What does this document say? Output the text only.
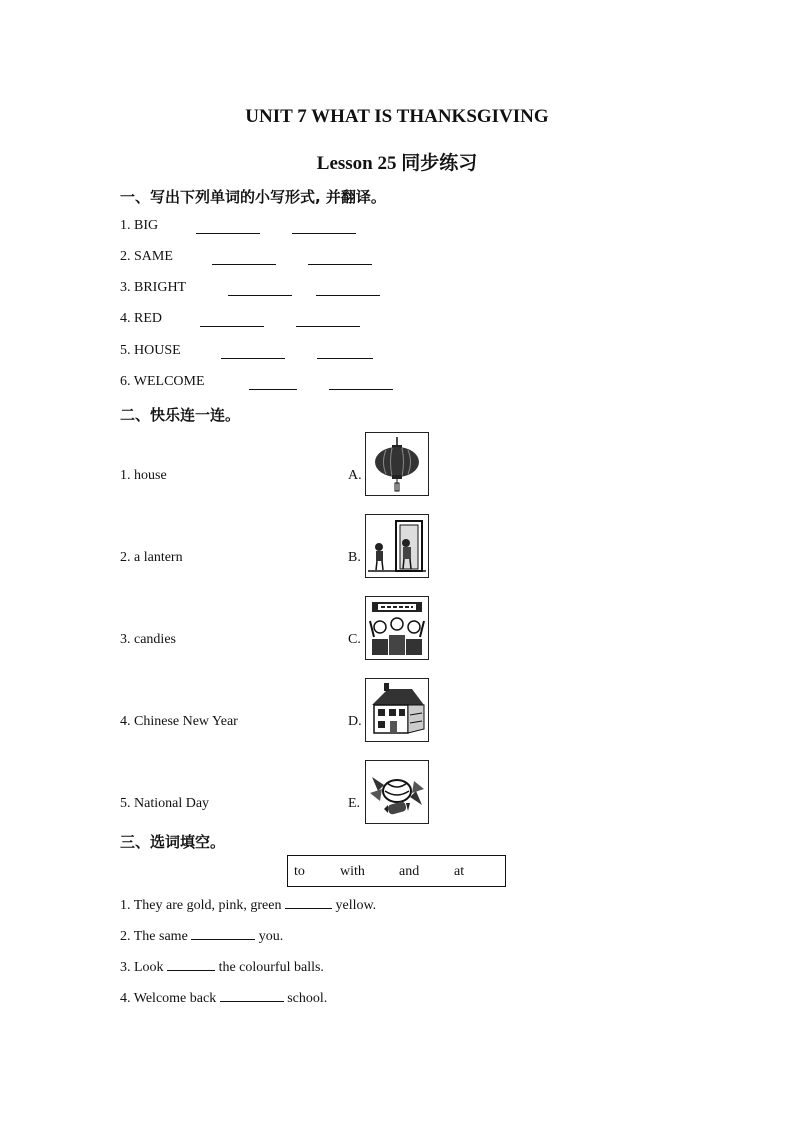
UNIT 7 WHAT IS THANKSGIVING
Lesson 25 同步练习
一、写出下列单词的小写形式, 并翻译。
1. BIG
2. SAME
3. BRIGHT
4. RED
5. HOUSE
6. WELCOME
二、快乐连一连。
1. house	A.
2. a lantern	B.
3. candies	C.
4. Chinese New Year	D.
5. National Day	E.
三、选词填空。
to	with and at
1. They are gold, pink, green	yellow.
2. The same	you.
3. Look	the colourful balls.
4. Welcome back	school.
